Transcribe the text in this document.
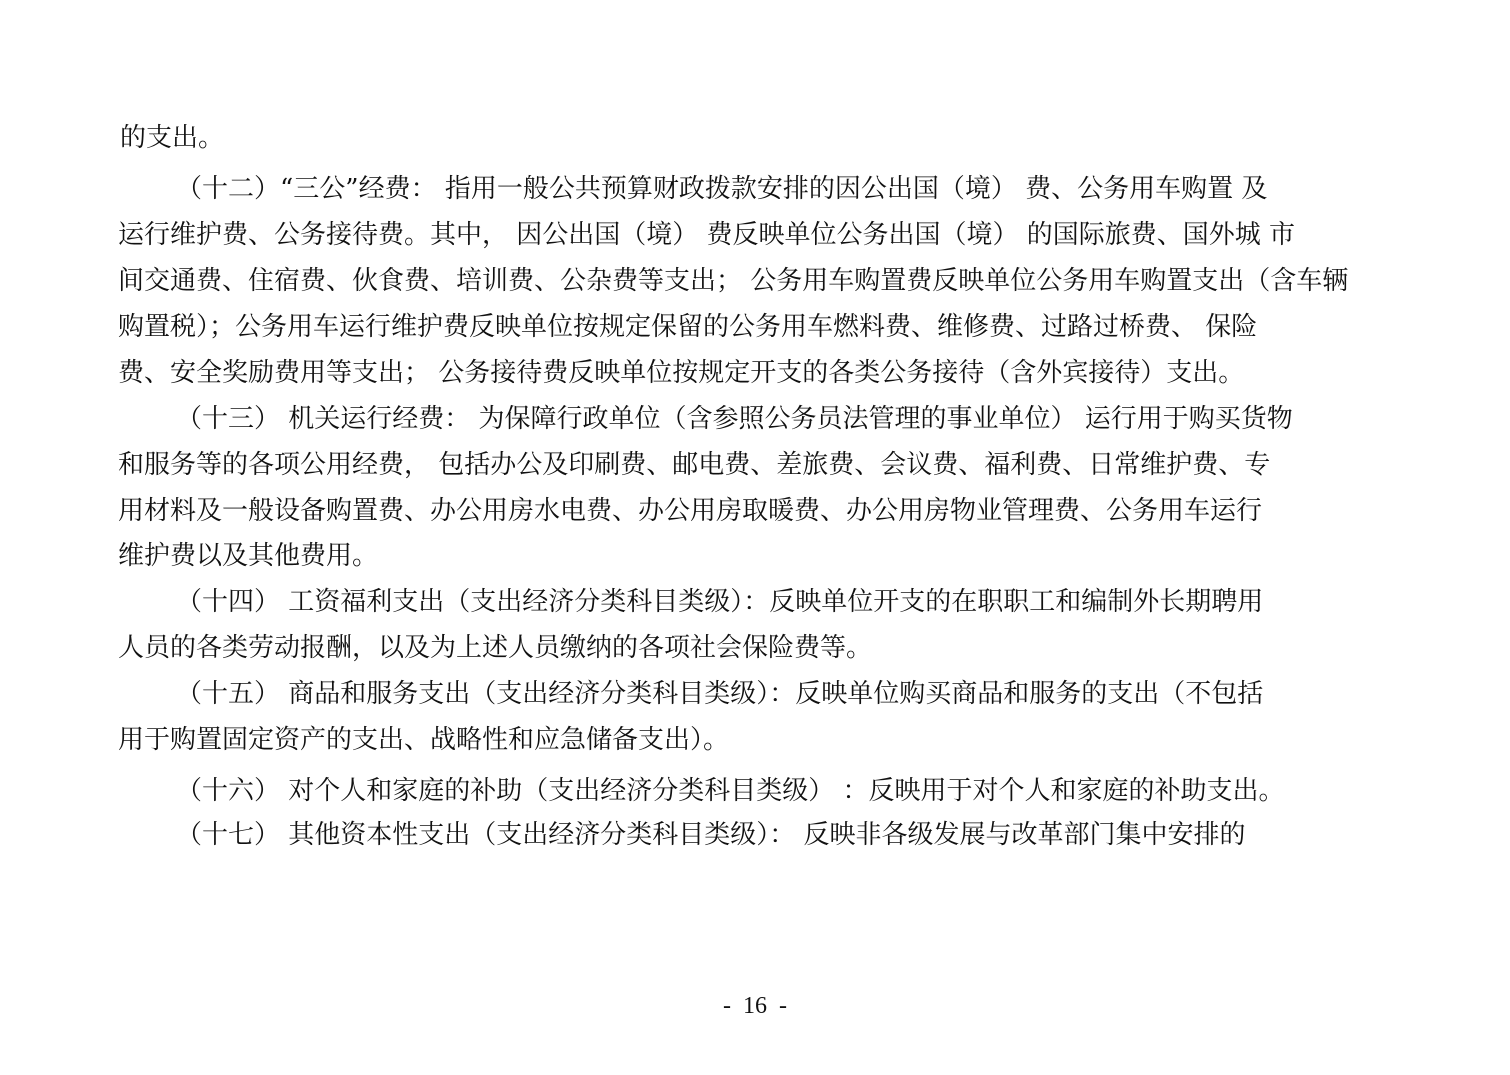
的支出。
（十二）“三公”经费： 指用一般公共预算财政拨款安排的因公出国（境） 费、公务用车购置 及
运行维护费、公务接待费。其中， 因公出国（境） 费反映单位公务出国（境） 的国际旅费、国外城 市
间交通费、住宿费、伙食费、培训费、公杂费等支出； 公务用车购置费反映单位公务用车购置支出（含车辆
购置税）；公务用车运行维护费反映单位按规定保留的公务用车燃料费、维修费、过路过桥费、 保险
费、安全奖励费用等支出； 公务接待费反映单位按规定开支的各类公务接待（含外宾接待）支出。
（十三） 机关运行经费： 为保障行政单位（含参照公务员法管理的事业单位） 运行用于购买货物
和服务等的各项公用经费， 包括办公及印刷费、邮电费、差旅费、会议费、福利费、日常维护费、专
用材料及一般设备购置费、办公用房水电费、办公用房取暖费、办公用房物业管理费、公务用车运行
维护费以及其他费用。
（十四） 工资福利支出（支出经济分类科目类级）：反映单位开支的在职职工和编制外长期聘用
人员的各类劳动报酬，以及为上述人员缴纳的各项社会保险费等。
（十五） 商品和服务支出（支出经济分类科目类级）：反映单位购买商品和服务的支出（不包括
用于购置固定资产的支出、战略性和应急储备支出）。
（十六） 对个人和家庭的补助（支出经济分类科目类级） ：反映用于对个人和家庭的补助支出。
（十七） 其他资本性支出（支出经济分类科目类级）： 反映非各级发展与改革部门集中安排的
-  16  -
